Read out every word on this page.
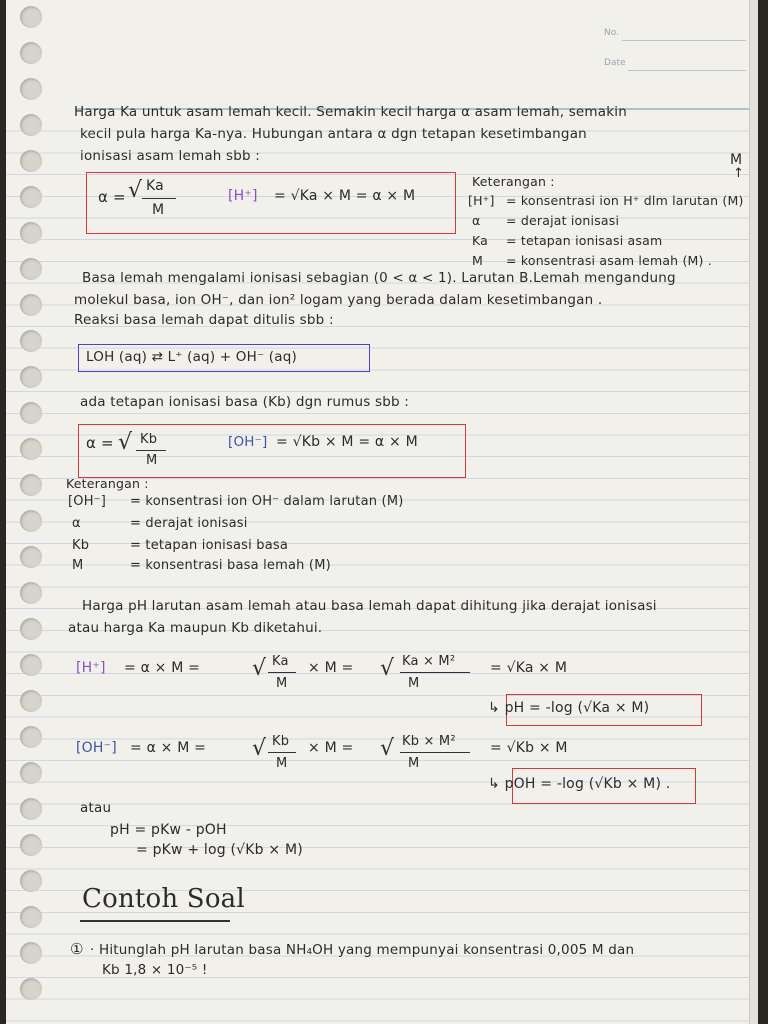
No.
Date
Harga Ka untuk asam lemah kecil. Semakin kecil harga α asam lemah, semakin
kecil pula harga Ka-nya. Hubungan antara α dgn tetapan kesetimbangan
ionisasi asam lemah sbb :
α = √ Ka
M
[H⁺] = √Ka × M = α × M
M
↑
Keterangan :
[H⁺] = konsentrasi ion H⁺ dlm larutan (M)
α = derajat ionisasi
Ka = tetapan ionisasi asam
M = konsentrasi asam lemah (M) .
Basa lemah mengalami ionisasi sebagian (0 < α < 1). Larutan B.Lemah mengandung
molekul basa, ion OH⁻, dan ion² logam yang berada dalam kesetimbangan .
Reaksi basa lemah dapat ditulis sbb :
LOH (aq) ⇄ L⁺ (aq) + OH⁻ (aq)
ada tetapan ionisasi basa (Kb) dgn rumus sbb :
α = √ Kb
M
[OH⁻] = √Kb × M = α × M
Keterangan :
[OH⁻] = konsentrasi ion OH⁻ dalam larutan (M)
α	= derajat ionisasi
Kb	= tetapan ionisasi basa
M	= konsentrasi basa lemah (M)
Harga pH larutan asam lemah atau basa lemah dapat dihitung jika derajat ionisasi
atau harga Ka maupun Kb diketahui.
[H⁺] = α × M = √ Ka
M
× M = √ Ka × M²
M
= √Ka × M
↳ pH = -log (√Ka × M)
[OH⁻] = α × M = √ Kb
M
× M = √ Kb × M²
M
= √Kb × M
↳ pOH = -log (√Kb × M) .
atau
pH = pKw - pOH
= pKw + log (√Kb × M)
Contoh Soal
① · Hitunglah pH larutan basa NH₄OH yang mempunyai konsentrasi 0,005 M dan
Kb 1,8 × 10⁻⁵ !
